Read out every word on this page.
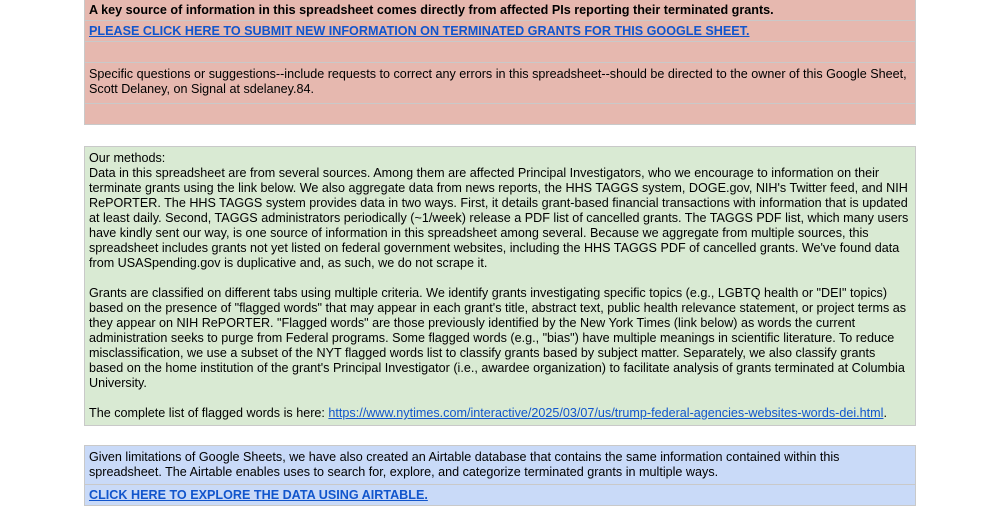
A key source of information in this spreadsheet comes directly from affected PIs reporting their terminated grants.
PLEASE CLICK HERE TO SUBMIT NEW INFORMATION ON TERMINATED GRANTS FOR THIS GOOGLE SHEET.
Specific questions or suggestions--include requests to correct any errors in this spreadsheet--should be directed to the owner of this Google Sheet, Scott Delaney, on Signal at sdelaney.84.

Our methods:

Data in this spreadsheet are from several sources. Among them are affected Principal Investigators, who we encourage to information on their terminate grants using the link below. We also aggregate data from news reports, the HHS TAGGS system, DOGE.gov, NIH's Twitter feed, and NIH RePORTER. The HHS TAGGS system provides data in two ways. First, it details grant-based financial transactions with information that is updated at least daily. Second, TAGGS administrators periodically (~1/week) release a PDF list of cancelled grants. The TAGGS PDF list, which many users have kindly sent our way, is one source of information in this spreadsheet among several. Because we aggregate from multiple sources, this spreadsheet includes grants not yet listed on federal government websites, including the HHS TAGGS PDF of cancelled grants. We've found data from USASpending.gov is duplicative and, as such, we do not scrape it.

Grants are classified on different tabs using multiple criteria. We identify grants investigating specific topics (e.g., LGBTQ health or "DEI" topics) based on the presence of "flagged words" that may appear in each grant's title, abstract text, public health relevance statement, or project terms as they appear on NIH RePORTER. "Flagged words" are those previously identified by the New York Times (link below) as words the current administration seeks to purge from Federal programs. Some flagged words (e.g., "bias") have multiple meanings in scientific literature. To reduce misclassification, we use a subset of the NYT flagged words list to classify grants based by subject matter. Separately, we also classify grants based on the home institution of the grant's Principal Investigator (i.e., awardee organization) to facilitate analysis of grants terminated at Columbia University.

The complete list of flagged words is here: https://www.nytimes.com/interactive/2025/03/07/us/trump-federal-agencies-websites-words-dei.html.

Given limitations of Google Sheets, we have also created an Airtable database that contains the same information contained within this spreadsheet. The Airtable enables uses to search for, explore, and categorize terminated grants in multiple ways.
CLICK HERE TO EXPLORE THE DATA USING AIRTABLE.
